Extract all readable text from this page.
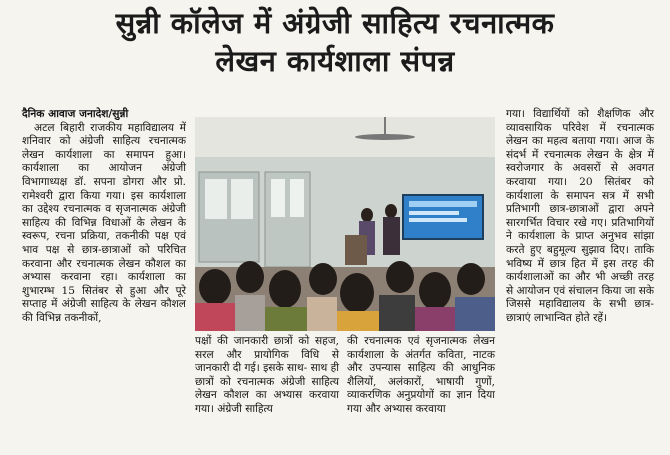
सुन्नी कॉलेज में अंग्रेजी साहित्य रचनात्मक
लेखन कार्यशाला संपन्न
दैनिक आवाज जनादेश/सुन्नी

अटल बिहारी राजकीय महाविद्यालय में शनिवार को अंग्रेजी साहित्य रचनात्मक लेखन कार्यशाला का समापन हुआ। कार्यशाला का आयोजन अंग्रेजी विभागाध्यक्ष डॉ. सपना डोगरा और प्रो. रामेश्वरी द्वारा किया गया। इस कार्यशाला का उद्देश्य रचनात्मक व सृजनात्मक अंग्रेजी साहित्य की विभिन्न विधाओं के लेखन के स्वरूप, रचना प्रक्रिया, तकनीकी पक्ष एवं भाव पक्ष से छात्र-छात्राओं को परिचित करवाना और रचनात्मक लेखन कौशल का अभ्यास करवाना रहा। कार्यशाला का शुभारम्भ 15 सितंबर से हुआ और पूरे सप्ताह में अंग्रेजी साहित्य के लेखन कौशल की विभिन्न तकनीकों,

पक्षों की जानकारी छात्रों को सहज, सरल और प्रायोगिक विधि से जानकारी दी गई। इसके साथ- साथ ही छात्रों को रचनात्मक अंग्रेजी साहित्य लेखन कौशल का अभ्यास करवाया गया। अंग्रेजी साहित्य

की रचनात्मक एवं सृजनात्मक लेखन कार्यशाला के अंतर्गत कविता, नाटक और उपन्यास साहित्य की आधुनिक शैलियों, अलंकारों, भाषायी गुणों, व्याकरणिक अनुप्रयोगों का ज्ञान दिया गया और अभ्यास करवाया

गया। विद्यार्थियों को शैक्षणिक और व्यावसायिक परिवेश में रचनात्मक लेखन का महत्व बताया गया। आज के संदर्भ में रचनात्मक लेखन के क्षेत्र में स्वरोजगार के अवसरों से अवगत करवाया गया। 20 सितंबर को कार्यशाला के समापन सत्र में सभी प्रतिभागी छात्र-छात्राओं द्वारा अपने सारगर्भित विचार रखे गए। प्रतिभागियों ने कार्यशाला के प्राप्त अनुभव सांझा करते हुए बहुमूल्य सुझाव दिए। ताकि भविष्य में छात्र हित में इस तरह की कार्यशालाओं का और भी अच्छी तरह से आयोजन एवं संचालन किया जा सके जिससे महाविद्यालय के सभी छात्र-छात्राएं लाभान्वित होते रहें।
